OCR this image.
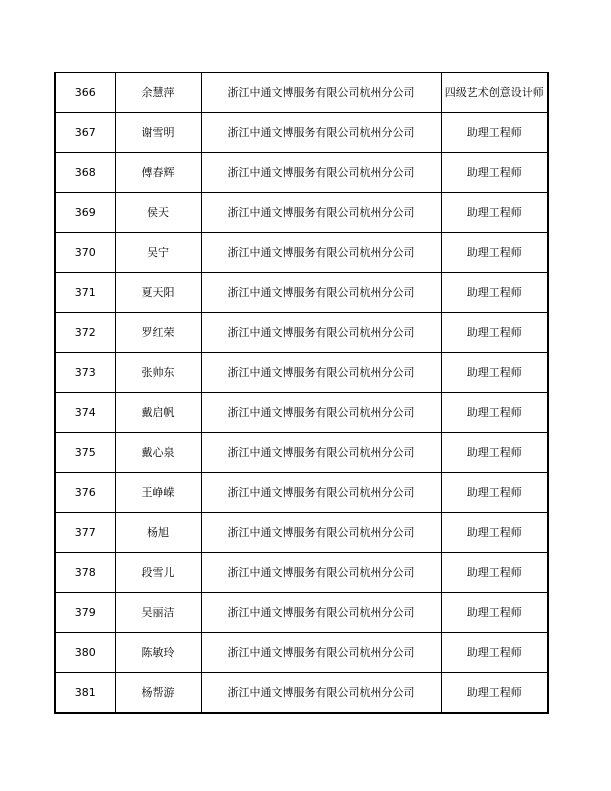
366	余慧萍	浙江中通文博服务有限公司杭州分公司	四级艺术创意设计师
367	谢雪明	浙江中通文博服务有限公司杭州分公司	助理工程师
368	傅春辉	浙江中通文博服务有限公司杭州分公司	助理工程师
369	侯天	浙江中通文博服务有限公司杭州分公司	助理工程师
370	吴宁	浙江中通文博服务有限公司杭州分公司	助理工程师
371	夏天阳	浙江中通文博服务有限公司杭州分公司	助理工程师
372	罗红荣	浙江中通文博服务有限公司杭州分公司	助理工程师
373	张帅东	浙江中通文博服务有限公司杭州分公司	助理工程师
374	戴启帆	浙江中通文博服务有限公司杭州分公司	助理工程师
375	戴心泉	浙江中通文博服务有限公司杭州分公司	助理工程师
376	王峥嵘	浙江中通文博服务有限公司杭州分公司	助理工程师
377	杨旭	浙江中通文博服务有限公司杭州分公司	助理工程师
378	段雪儿	浙江中通文博服务有限公司杭州分公司	助理工程师
379	吴丽洁	浙江中通文博服务有限公司杭州分公司	助理工程师
380	陈敏玲	浙江中通文博服务有限公司杭州分公司	助理工程师
381	杨帮游	浙江中通文博服务有限公司杭州分公司	助理工程师
